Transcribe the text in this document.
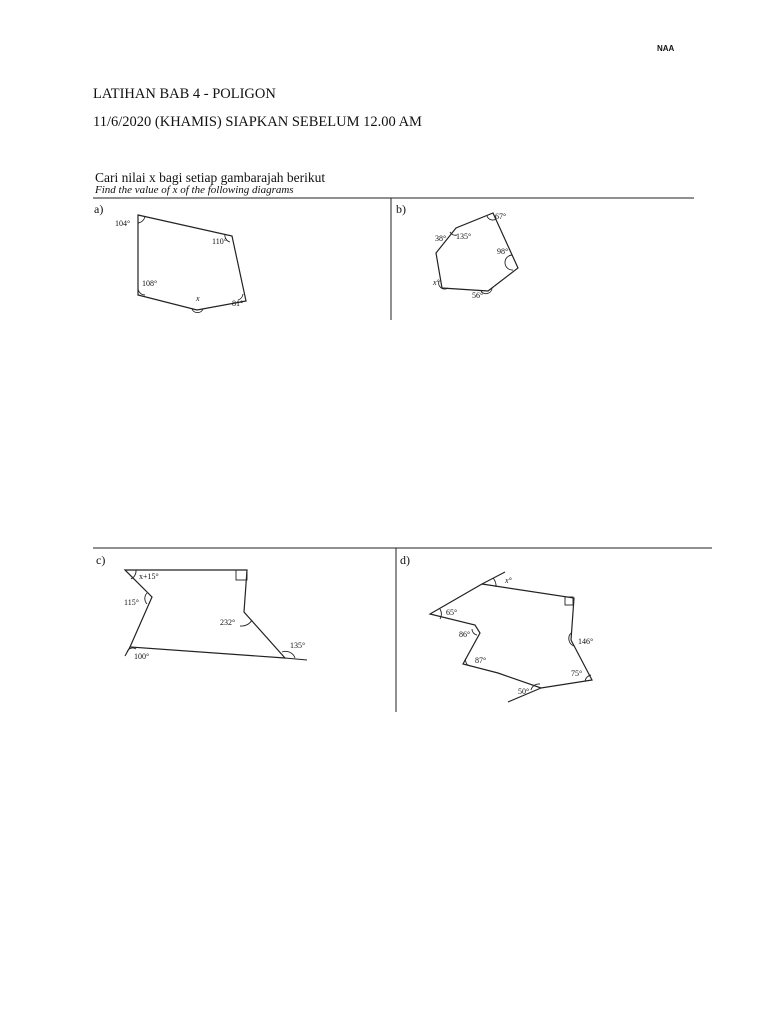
NAA
LATIHAN BAB 4 - POLIGON
11/6/2020 (KHAMIS) SIAPKAN SEBELUM 12.00 AM
Cari nilai x bagi setiap gambarajah berikut
Find the value of x of the following diagrams
a)
104°
110°
108°
x
81°
b)
67°
38° 135°
98°
x°
56°
c)
x+15°
115°
232°
135°
100°
d)
x°
65°
86°
146°
87°
75°
50°
